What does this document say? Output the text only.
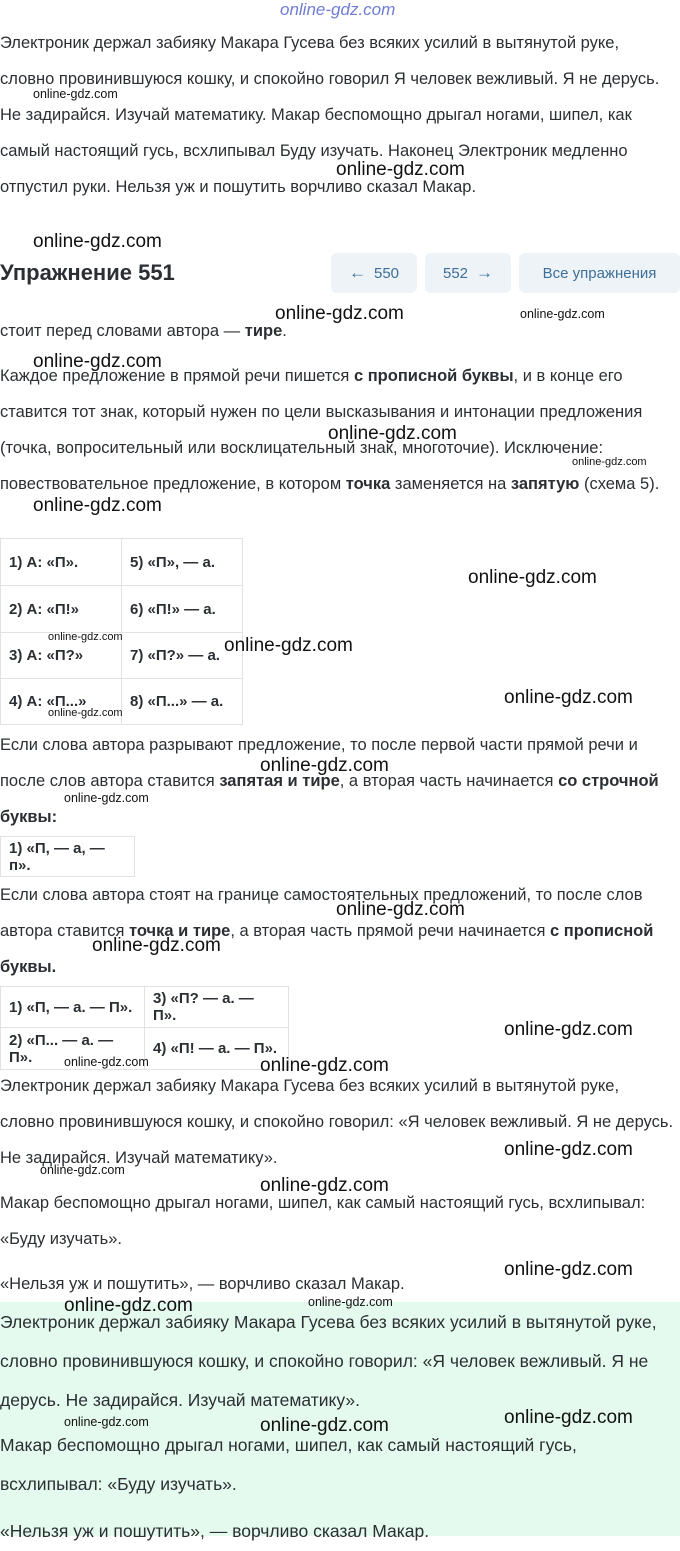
online-gdz.com

Электроник держал забияку Макара Гусева без всяких усилий в вытянутой руке, словно провинившуюся кошку, и спокойно говорил Я человек вежливый. Я не дерусь. Не задирайся. Изучай математику. Макар беспомощно дрыгал ногами, шипел, как самый настоящий гусь, всхлипывал Буду изучать. Наконец Электроник медленно отпустил руки. Нельзя уж и пошутить ворчливо сказал Макар.

Упражнение 551	← 550	552 →	Все упражнения

стоит перед словами автора — тире.

Каждое предложение в прямой речи пишется с прописной буквы, и в конце его ставится тот знак, который нужен по цели высказывания и интонации предложения (точка, вопросительный или восклицательный знак, многоточие). Исключение: повествовательное предложение, в котором точка заменяется на запятую (схема 5).

1) А: «П».	5) «П», — а.
2) А: «П!»	6) «П!» — а.
3) А: «П?»	7) «П?» — а.
4) А: «П...»	8) «П...» — а.

Если слова автора разрывают предложение, то после первой части прямой речи и после слов автора ставится запятая и тире, а вторая часть начинается со строчной буквы:

1) «П, — а, — п».

Если слова автора стоят на границе самостоятельных предложений, то после слов автора ставится точка и тире, а вторая часть прямой речи начинается с прописной буквы.

1) «П, — а. — П».	3) «П? — а. — П».
2) «П... — а. — П».	4) «П! — а. — П».

Электроник держал забияку Макара Гусева без всяких усилий в вытянутой руке, словно провинившуюся кошку, и спокойно говорил: «Я человек вежливый. Я не дерусь. Не задирайся. Изучай математику».

Макар беспомощно дрыгал ногами, шипел, как самый настоящий гусь, всхлипывал: «Буду изучать».

«Нельзя уж и пошутить», — ворчливо сказал Макар.

Электроник держал забияку Макара Гусева без всяких усилий в вытянутой руке, словно провинившуюся кошку, и спокойно говорил: «Я человек вежливый. Я не дерусь. Не задирайся. Изучай математику».

Макар беспомощно дрыгал ногами, шипел, как самый настоящий гусь, всхлипывал: «Буду изучать».

«Нельзя уж и пошутить», — ворчливо сказал Макар.

online-gdz.com
online-gdz.com
online-gdz.com
online-gdz.com	online-gdz.com
online-gdz.com
online-gdz.com
online-gdz.com
online-gdz.com
online-gdz.com
online-gdz.com	online-gdz.com
online-gdz.com
online-gdz.com
online-gdz.com
online-gdz.com
online-gdz.com
online-gdz.com
online-gdz.com
online-gdz.com
online-gdz.com
online-gdz.com
online-gdz.com
online-gdz.com
online-gdz.com
online-gdz.com	online-gdz.com
online-gdz.com
online-gdz.com	online-gdz.com
